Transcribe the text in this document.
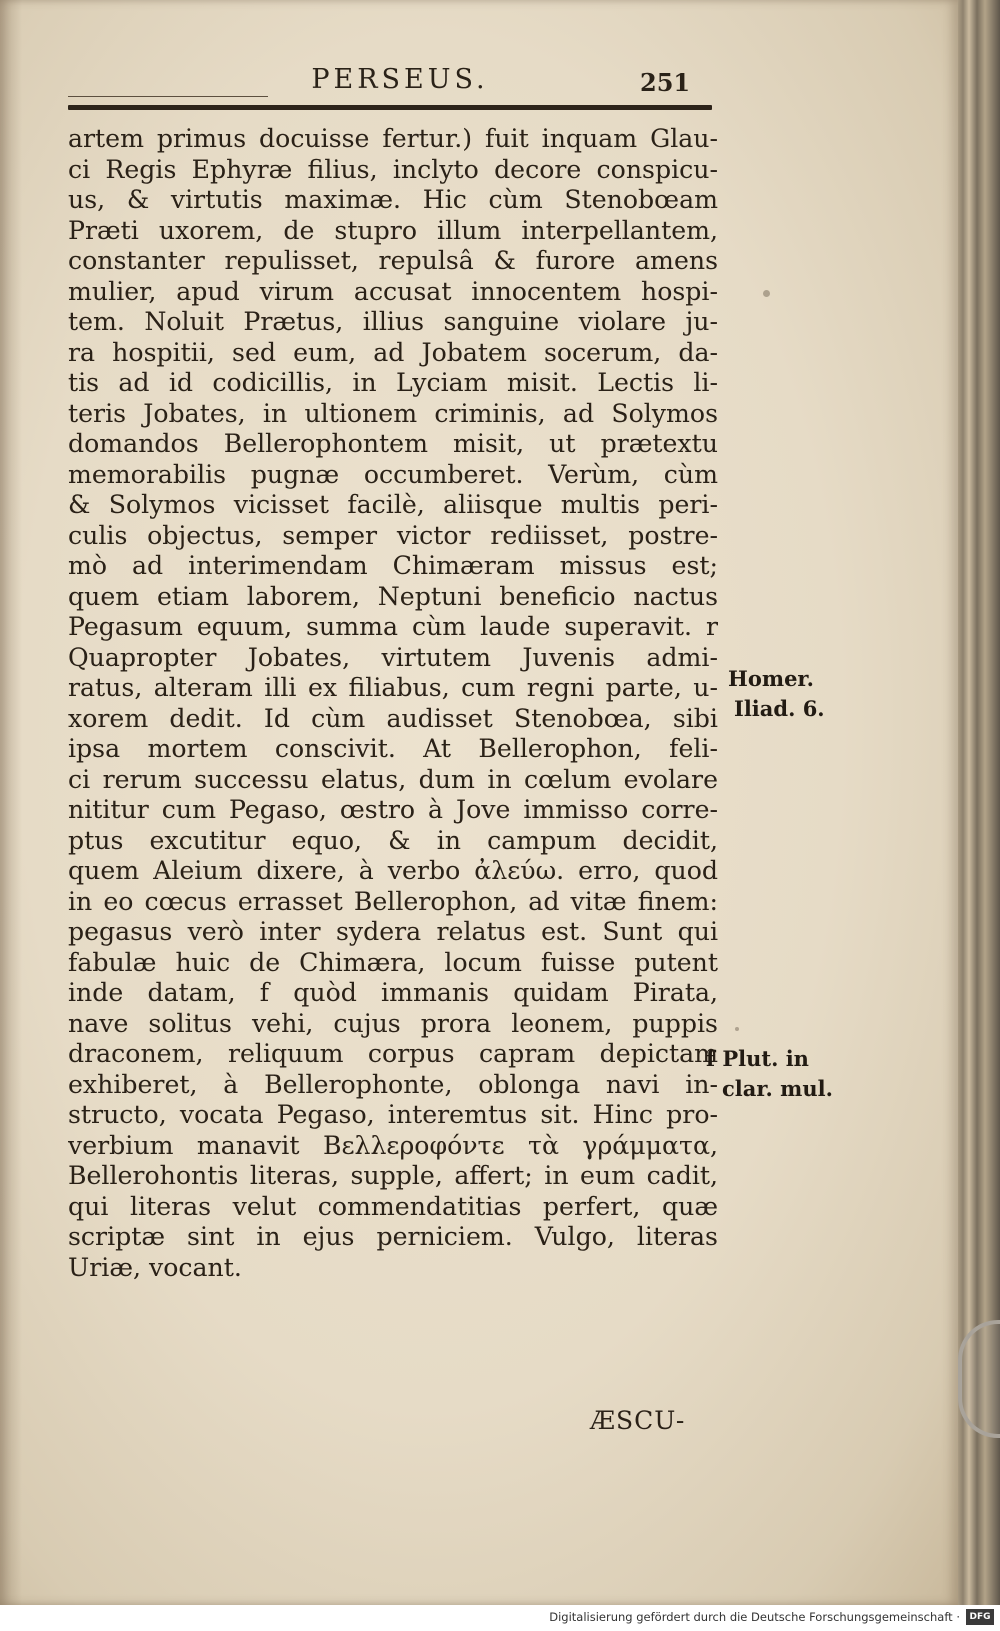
PERSEUS.	251
artem primus docuisse fertur.) fuit inquam Glau-
ci Regis Ephyræ filius, inclyto decore conspicu-
us, & virtutis maximæ. Hic cùm Stenobœam
Præti uxorem, de stupro illum interpellantem,
constanter repulisset, repulsâ & furore amens
mulier, apud virum accusat innocentem hospi-
tem. Noluit Prætus, illius sanguine violare ju-
ra hospitii, sed eum, ad Jobatem socerum, da-
tis ad id codicillis, in Lyciam misit. Lectis li-
teris Jobates, in ultionem criminis, ad Solymos
domandos Bellerophontem misit, ut prætextu
memorabilis pugnæ occumberet. Verùm, cùm
& Solymos vicisset facilè, aliisque multis peri-
culis objectus, semper victor rediisset, postre-
mò ad interimendam Chimæram missus est;
quem etiam laborem, Neptuni beneficio nactus
Pegasum equum, summa cùm laude superavit. r
Quapropter Jobates, virtutem Juvenis admi-
ratus, alteram illi ex filiabus, cum regni parte, u-
xorem dedit. Id cùm audisset Stenobœa, sibi
ipsa mortem conscivit. At Bellerophon, feli-
ci rerum successu elatus, dum in cœlum evolare
nititur cum Pegaso, œstro à Jove immisso corre-
ptus excutitur equo, & in campum decidit,
quem Aleium dixere, à verbo ἀλεύω. erro, quod
in eo cœcus errasset Bellerophon, ad vitæ finem:
pegasus verò inter sydera relatus est. Sunt qui
fabulæ huic de Chimæra, locum fuisse putent
inde datam, f quòd immanis quidam Pirata,
nave solitus vehi, cujus prora leonem, puppis
draconem, reliquum corpus capram depictam
exhiberet, à Bellerophonte, oblonga navi in-
structo, vocata Pegaso, interemtus sit. Hinc pro-
verbium manavit Βελλεροφόντε τὰ γράμματα,
Bellerohontis literas, supple, affert; in eum cadit,
qui literas velut commendatitias perfert, quæ
scriptæ sint in ejus perniciem. Vulgo, literas
Uriæ, vocant.
Homer.
Iliad. 6.
f Plut. in
clar. mul.
ÆSCU-
Digitalisierung gefördert durch die Deutsche Forschungsgemeinschaft ·	DFG
